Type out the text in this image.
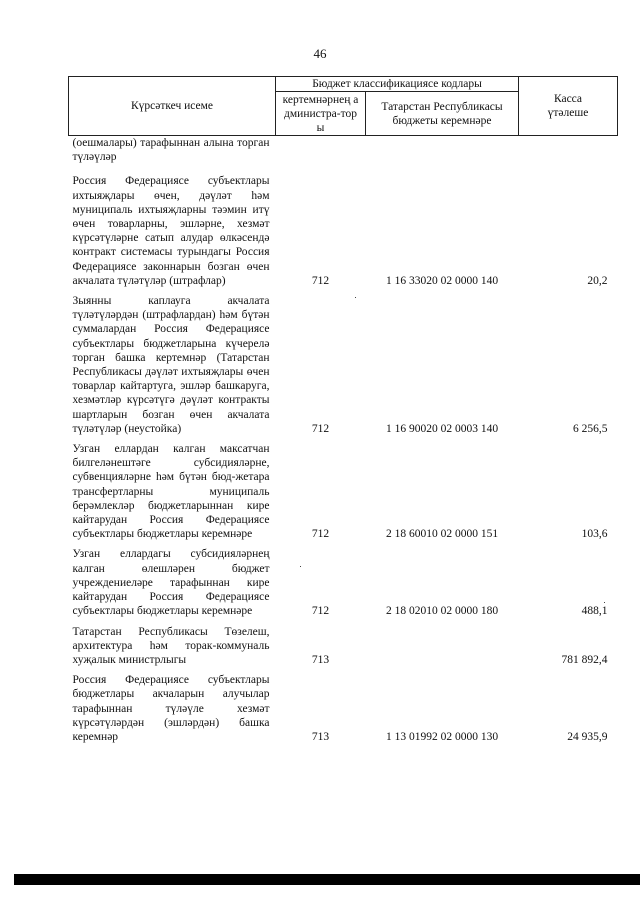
46
Күрсәткеч исеме	Бюджет классификациясе кодлары		Касса үтәлеше

	кертемнәрнең администра-торы	Татарстан Республикасы бюджеты керемнәре	

(оешмалары) тарафыннан алына торган түләүләр			
Россия Федерациясе субъектлары ихтыяҗлары өчен, дәүләт һәм муниципаль ихтыяҗларны тәэмин итү өчен товарларны, эшләрне, хезмәт күрсәтүләрне сатып алудар өлкәсендә контракт системасы турындагы Россия Федерациясе законнарын бозган өчен акчалата түләтүләр (штрафлар)	712	1 16 33020 02 0000 140	20,2
Зыянны каплауга акчалата түләтүләрдән (штрафлардан) һәм бүтән суммалардан Россия Федерациясе субъектлары бюджетларына күчерелә торган башка кертемнәр (Татарстан Республикасы дәүләт ихтыяҗлары өчен товарлар кайтартуга, эшләр башкаруга, хезмәтләр күрсәтүгә дәүләт контракты шартларын бозган өчен акчалата түләтүләр (неустойка)	712	1 16 90020 02 0003 140	6 256,5
Узган еллардан калган максатчан билгеләнештәге субсидияләрне, субвенцияләрне һәм бүтән бюд-жетара трансфертларны муниципаль берәмлекләр бюджетларыннан кире кайтарудан Россия Федерациясе субъектлары бюджетлары керемнәре	712	2 18 60010 02 0000 151	103,6
Узган еллардагы субсидияләрнең калган өлешләрен бюджет учреждениеләре тарафыннан кире кайтарудан Россия Федерациясе субъектлары бюджетлары керемнәре	712	2 18 02010 02 0000 180	488,1
Татарстан Республикасы Төзелеш, архитектура һәм торак-коммуналь хуҗалык министрлыгы	713		781 892,4
Россия Федерациясе субъектлары бюджетлары акчаларын алучылар тарафыннан түләүле хезмәт күрсәтүләрдән (эшләрдән) башка керемнәр	713	1 13 01992 02 0000 130	24 935,9
